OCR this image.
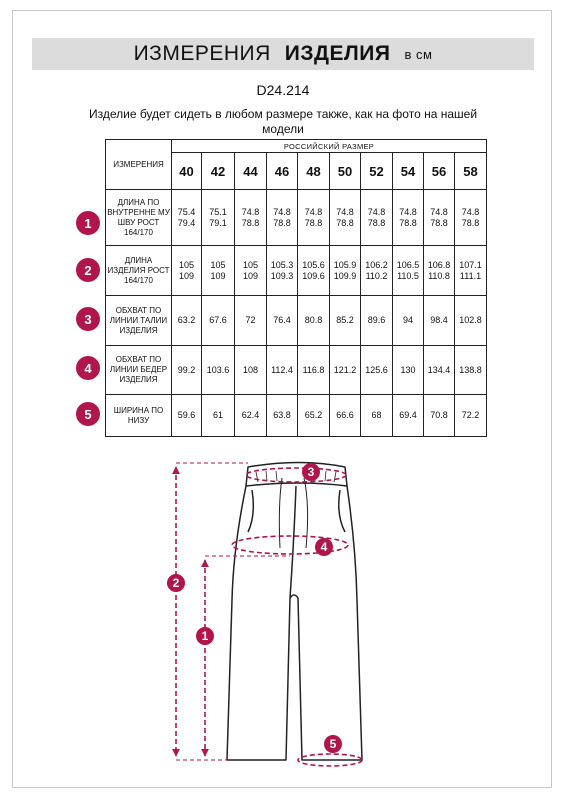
ИЗМЕРЕНИЯ ИЗДЕЛИЯ в см
D24.214
Изделие будет сидеть в любом размере также, как на фото на нашей модели
ИЗМЕРЕНИЯ	РОССИЙСКИЙ РАЗМЕР									
	40	42	44	46	48	50	52	54	56	58
ДЛИНА ПО ВНУТРЕННЕ МУ ШВУ РОСТ 164/170	75.4 79.4	75.1 79.1	74.8 78.8	74.8 78.8	74.8 78.8	74.8 78.8	74.8 78.8	74.8 78.8	74.8 78.8	74.8 78.8
ДЛИНА ИЗДЕЛИЯ РОСТ 164/170	105 109	105 109	105 109	105.3 109.3	105.6 109.6	105.9 109.9	106.2 110.2	106.5 110.5	106.8 110.8	107.1 111.1
ОБХВАТ ПО ЛИНИИ ТАЛИИ ИЗДЕЛИЯ	63.2	67.6	72	76.4	80.8	85.2	89.6	94	98.4	102.8
ОБХВАТ ПО ЛИНИИ БЕДЕР ИЗДЕЛИЯ	99.2	103.6	108	112.4	116.8	121.2	125.6	130	134.4	138.8
ШИРИНА ПО НИЗУ	59.6	61	62.4	63.8	65.2	66.6	68	69.4	70.8	72.2
1
2
3
4
5
1
2
3
4
5
